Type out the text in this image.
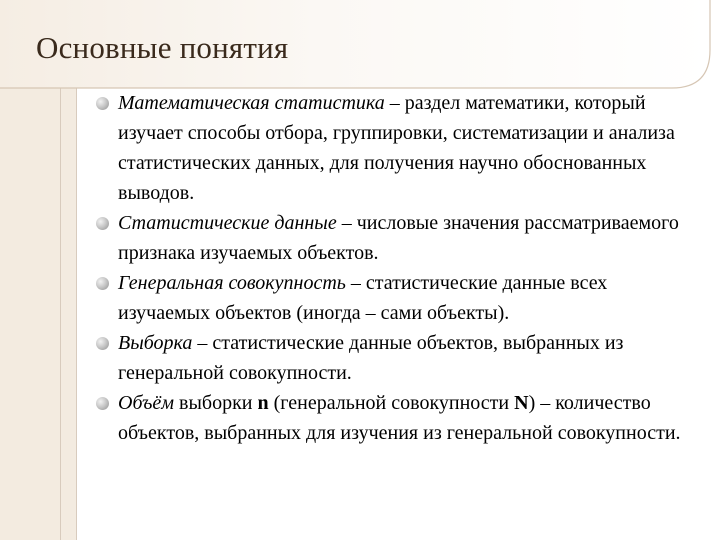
Основные понятия
Математическая статистика – раздел математики, который изучает способы отбора, группировки, систематизации и анализа статистических данных, для получения научно обоснованных выводов.
Статистические данные – числовые значения рассматриваемого признака изучаемых объектов.
Генеральная совокупность – статистические данные всех изучаемых объектов (иногда – сами объекты).
Выборка – статистические данные объектов, выбранных из генеральной совокупности.
Объём выборки n (генеральной совокупности N) – количество объектов, выбранных для изучения из генеральной совокупности.
